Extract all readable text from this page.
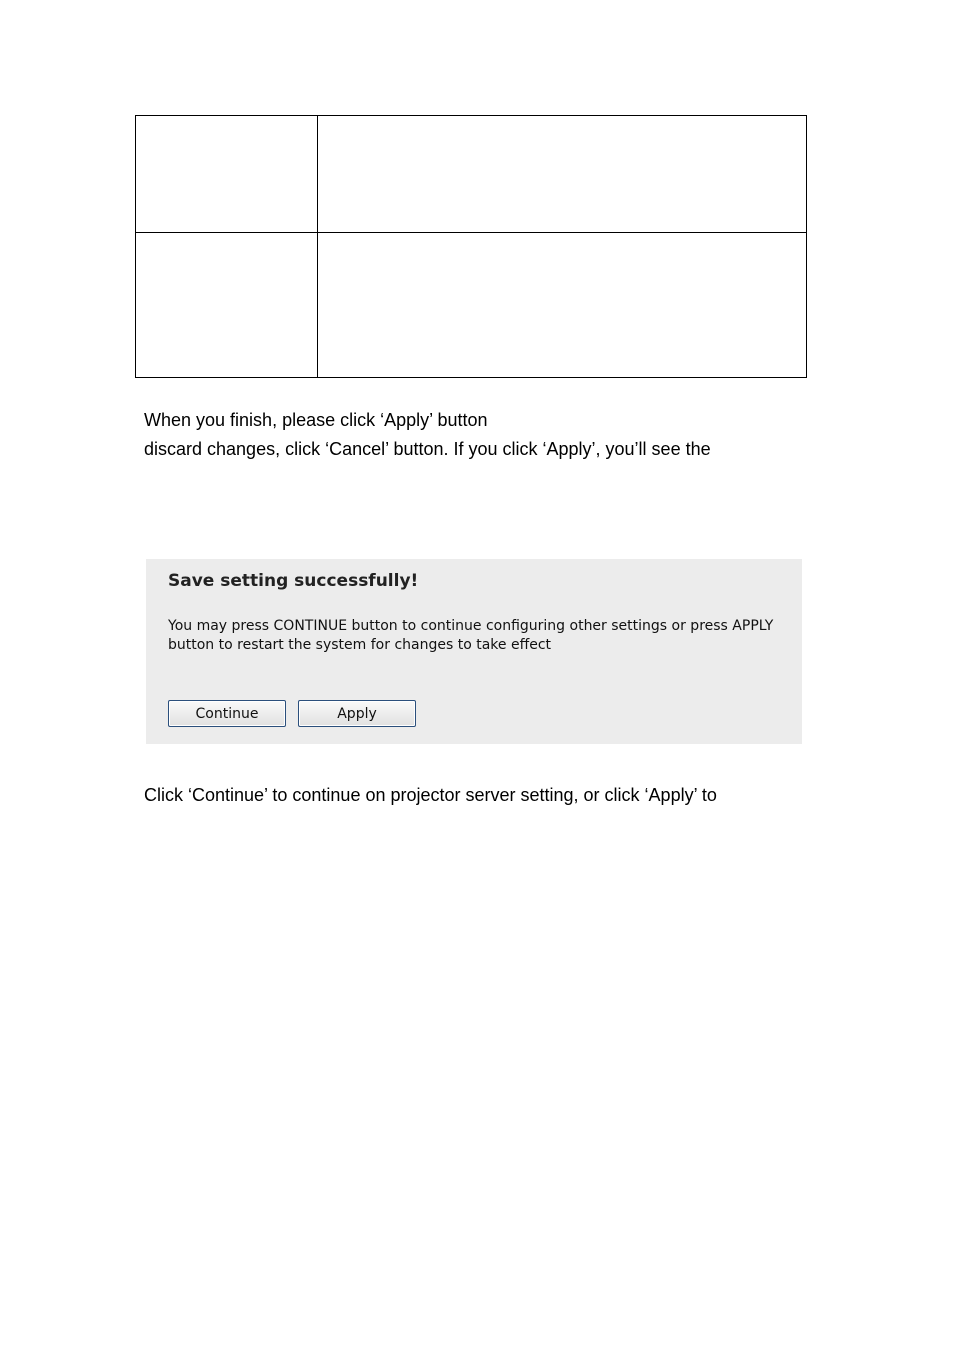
When you finish, please click ‘Apply’ button
discard changes, click ‘Cancel’ button. If you click ‘Apply’, you’ll see the
Save setting successfully!
You may press CONTINUE button to continue configuring other settings or press APPLY button to restart the system for changes to take effect
Continue	Apply
Click ‘Continue’ to continue on projector server setting, or click ‘Apply’ to
